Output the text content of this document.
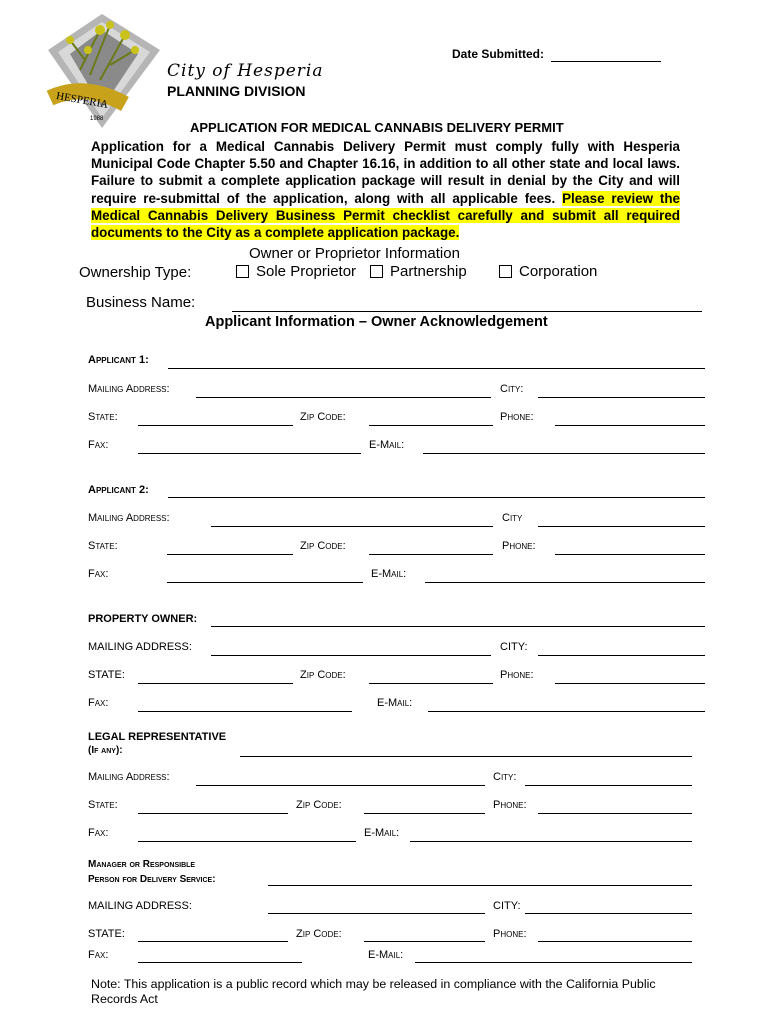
HESPERIA
1988
Date Submitted:
City of Hesperia
PLANNING DIVISION
APPLICATION FOR MEDICAL CANNABIS DELIVERY PERMIT
Application for a Medical Cannabis Delivery Permit must comply fully with Hesperia Municipal Code Chapter 5.50 and Chapter 16.16, in addition to all other state and local laws. Failure to submit a complete application package will result in denial by the City and will require re-submittal of the application, along with all applicable fees. Please review the Medical Cannabis Delivery Business Permit checklist carefully and submit all required documents to the City as a complete application package.
Owner or Proprietor Information
Ownership Type:	Sole Proprietor Partnership	Corporation
Business Name:
Applicant Information – Owner Acknowledgement
Applicant 1:
Mailing Address:	City:
State:	Zip Code:	Phone:
Fax:	E-Mail:
Applicant 2:
Mailing Address:	City
State:	Zip Code:	Phone:
Fax:	E-Mail:
PROPERTY OWNER:
MAILING ADDRESS:	CITY:
STATE:	Zip Code:	Phone:
Fax:	E-Mail:
LEGAL REPRESENTATIVE
(If any):
Mailing Address:	City:
State:	Zip Code:	Phone:
Fax:	E-Mail:
Manager or Responsible
Person for Delivery Service:
MAILING ADDRESS:	CITY:
STATE:	Zip Code:	Phone:
Fax:	E-Mail:
Note: This application is a public record which may be released in compliance with the California Public Records Act
